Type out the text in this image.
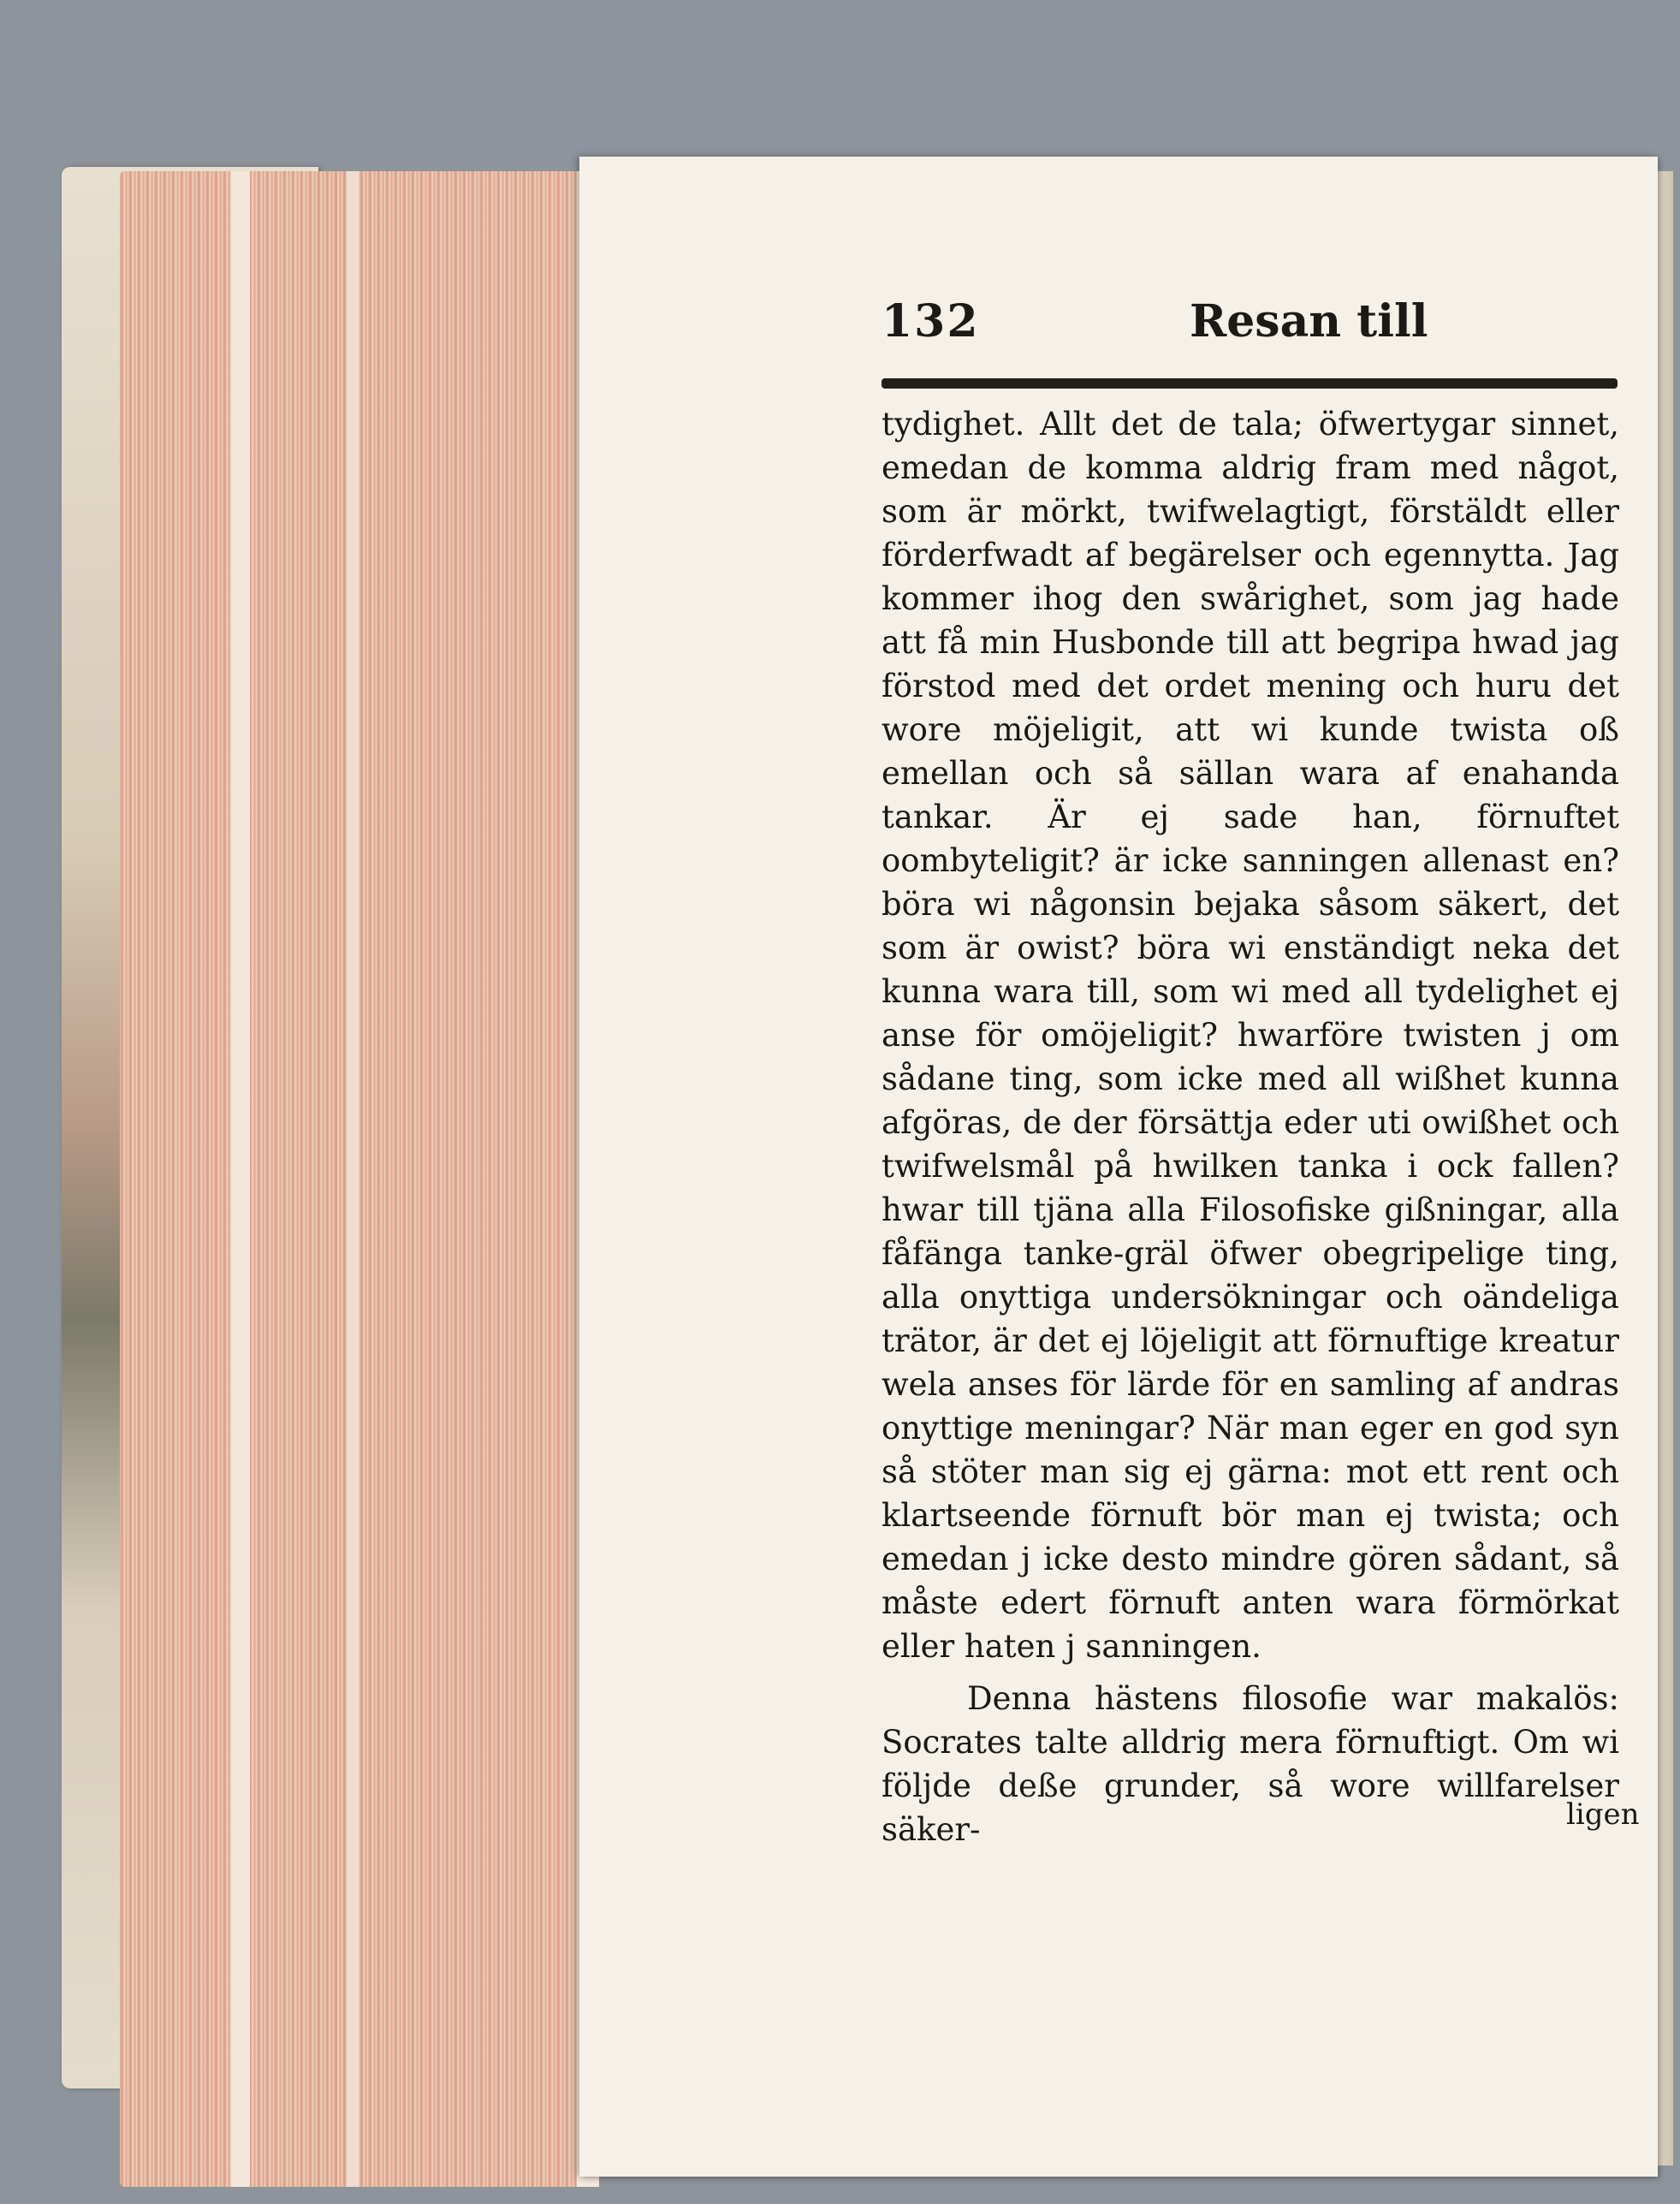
132	Resan till

tydighet. Allt det de tala; öfwertygar sinnet, emedan de komma aldrig fram med något, som är mörkt, twifwelagtigt, förstäldt eller förderfwadt af begärelser och egennytta. Jag kommer ihog den swårighet, som jag hade att få min Husbonde till att begripa hwad jag förstod med det ordet mening och huru det wore möjeligit, att wi kunde twista oß emellan och så sällan wara af enahanda tankar. Är ej sade han, förnuftet oombyteligit? är icke sanningen allenast en? böra wi någonsin bejaka såsom säkert, det som är owist? böra wi enständigt neka det kunna wara till, som wi med all tydelighet ej anse för omöjeligit? hwarföre twisten j om sådane ting, som icke med all wißhet kunna afgöras, de der försättja eder uti owißhet och twifwelsmål på hwilken tanka i ock fallen? hwar till tjäna alla Filosofiske gißningar, alla fåfänga tanke-gräl öfwer obegripelige ting, alla onyttiga undersökningar och oändeliga trätor, är det ej löjeligit att förnuftige kreatur wela anses för lärde för en samling af andras onyttige meningar? När man eger en god syn så stöter man sig ej gärna: mot ett rent och klartseende förnuft bör man ej twista; och emedan j icke desto mindre gören sådant, så måste edert förnuft anten wara förmörkat eller haten j sanningen.

Denna hästens filosofie war makalös: Socrates talte alldrig mera förnuftigt. Om wi följde deße grunder, så wore willfarelser säker-	ligen
